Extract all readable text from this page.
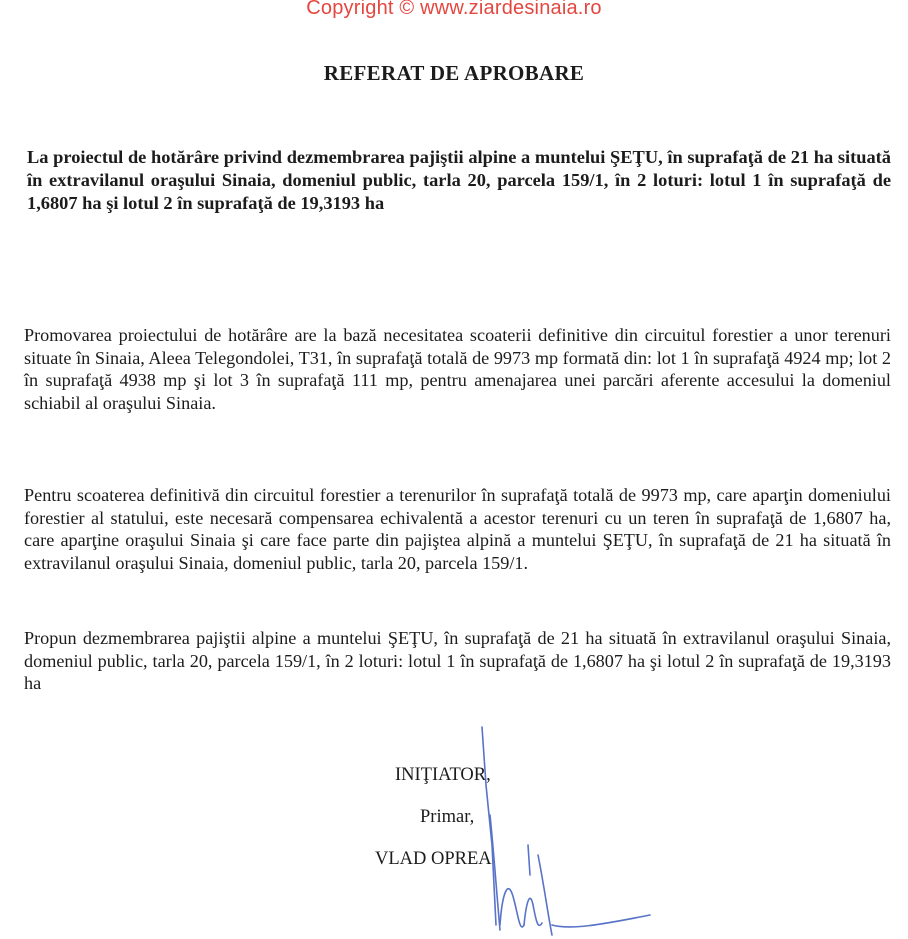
Copyright © www.ziardesinaia.ro
REFERAT DE APROBARE
La proiectul de hotărâre privind dezmembrarea pajiştii alpine a muntelui ŞEŢU, în suprafaţă de 21 ha situată în extravilanul oraşului Sinaia, domeniul public, tarla 20, parcela 159/1, în 2 loturi: lotul 1 în suprafaţă de 1,6807 ha şi lotul 2 în suprafaţă de 19,3193 ha
Promovarea proiectului de hotărâre are la bază necesitatea scoaterii definitive din circuitul forestier a unor terenuri situate în Sinaia, Aleea Telegondolei, T31, în suprafaţă totală de 9973 mp formată din: lot 1 în suprafaţă 4924 mp; lot 2 în suprafaţă 4938 mp şi lot 3 în suprafaţă 111 mp, pentru amenajarea unei parcări aferente accesului la domeniul schiabil al oraşului Sinaia.
Pentru scoaterea definitivă din circuitul forestier a terenurilor în suprafaţă totală de 9973 mp, care aparţin domeniului forestier al statului, este necesară compensarea echivalentă a acestor terenuri cu un teren în suprafaţă de 1,6807 ha, care aparţine oraşului Sinaia şi care face parte din pajiştea alpină a muntelui ŞEŢU, în suprafaţă de 21 ha situată în extravilanul oraşului Sinaia, domeniul public, tarla 20, parcela 159/1.
Propun dezmembrarea pajiştii alpine a muntelui ŞEŢU, în suprafaţă de 21 ha situată în extravilanul oraşului Sinaia, domeniul public, tarla 20, parcela 159/1, în 2 loturi: lotul 1 în suprafaţă de 1,6807 ha şi lotul 2 în suprafaţă de 19,3193 ha
INIŢIATOR,
Primar,
VLAD OPREA
